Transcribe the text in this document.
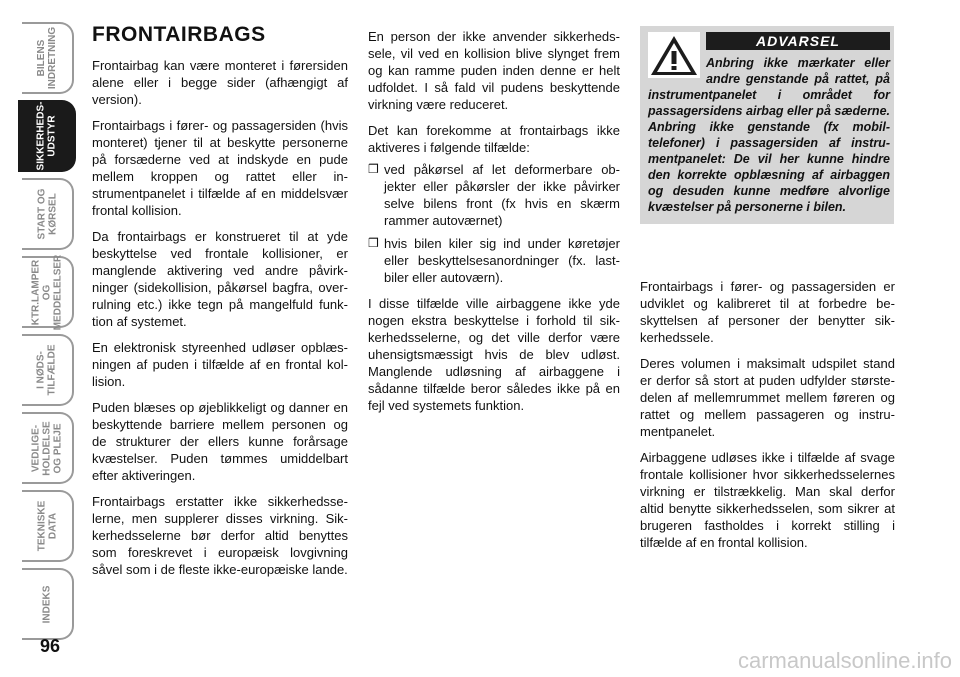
BILENS
INDRETNING
SIKKERHEDS-
UDSTYR
START OG
KØRSEL
KTR.LAMPER
OG
MEDDELELSER
I NØDS-
TILFÆLDE
VEDLIGE-
HOLDELSE
OG PLEJE
TEKNISKE
DATA
INDEKS
96
FRONTAIRBAGS

Frontairbag kan være monteret i førersiden alene eller i begge sider (afhængigt af version).

Frontairbags i fører- og passagersiden (hvis monteret) tjener til at beskytte personerne på forsæderne ved at indskyde en pude mellem kroppen og rattet eller instrumentpanelet i tilfælde af en middelsvær frontal kollision.

Da frontairbags er konstrueret til at yde beskyttelse ved frontale kollisioner, er manglende aktivering ved andre påvirkninger (sidekollision, påkørsel bagfra, overrulning etc.) ikke tegn på mangelfuld funktion af systemet.

En elektronisk styreenhed udløser opblæsningen af puden i tilfælde af en frontal kollision.

Puden blæses op øjeblikkeligt og danner en beskyttende barriere mellem personen og de strukturer der ellers kunne forårsage kvæstelser. Puden tømmes umiddelbart efter aktiveringen.

Frontairbags erstatter ikke sikkerhedsselerne, men supplerer disses virkning. Sikkerhedsselerne bør derfor altid benyttes som foreskrevet i europæisk lovgivning såvel som i de fleste ikke-europæiske lande.

En person der ikke anvender sikkerhedssele, vil ved en kollision blive slynget frem og kan ramme puden inden denne er helt udfoldet. I så fald vil pudens beskyttende virkning være reduceret.

Det kan forekomme at frontairbags ikke aktiveres i følgende tilfælde:

❒ ved påkørsel af let deformerbare objekter eller påkørsler der ikke påvirker selve bilens front (fx hvis en skærm rammer autoværnet)
❒ hvis bilen kiler sig ind under køretøjer eller beskyttelsesanordninger (fx. lastbiler eller autoværn).

I disse tilfælde ville airbaggene ikke yde nogen ekstra beskyttelse i forhold til sikkerhedsselerne, og det ville derfor være uhensigtsmæssigt hvis de blev udløst. Manglende udløsning af airbaggene i sådanne tilfælde beror således ikke på en fejl ved systemets funktion.

ADVARSEL
Anbring ikke mærkater eller andre genstande på rattet, på instrumentpanelet i området for passagersidens airbag eller på sæderne. Anbring ikke genstande (fx mobiltelefoner) i passagersiden af instrumentpanelet: De vil her kunne hindre den korrekte opblæsning af airbaggen og desuden kunne medføre alvorlige kvæstelser på personerne i bilen.

Frontairbags i fører- og passagersiden er udviklet og kalibreret til at forbedre beskyttelsen af personer der benytter sikkerhedssele.

Deres volumen i maksimalt udspilet stand er derfor så stort at puden udfylder størstedelen af mellemrummet mellem føreren og rattet og mellem passageren og instrumentpanelet.

Airbaggene udløses ikke i tilfælde af svage frontale kollisioner hvor sikkerhedsselernes virkning er tilstrækkelig. Man skal derfor altid benytte sikkerhedsselen, som sikrer at brugeren fastholdes i korrekt stilling i tilfælde af en frontal kollision.

carmanualsonline.info
